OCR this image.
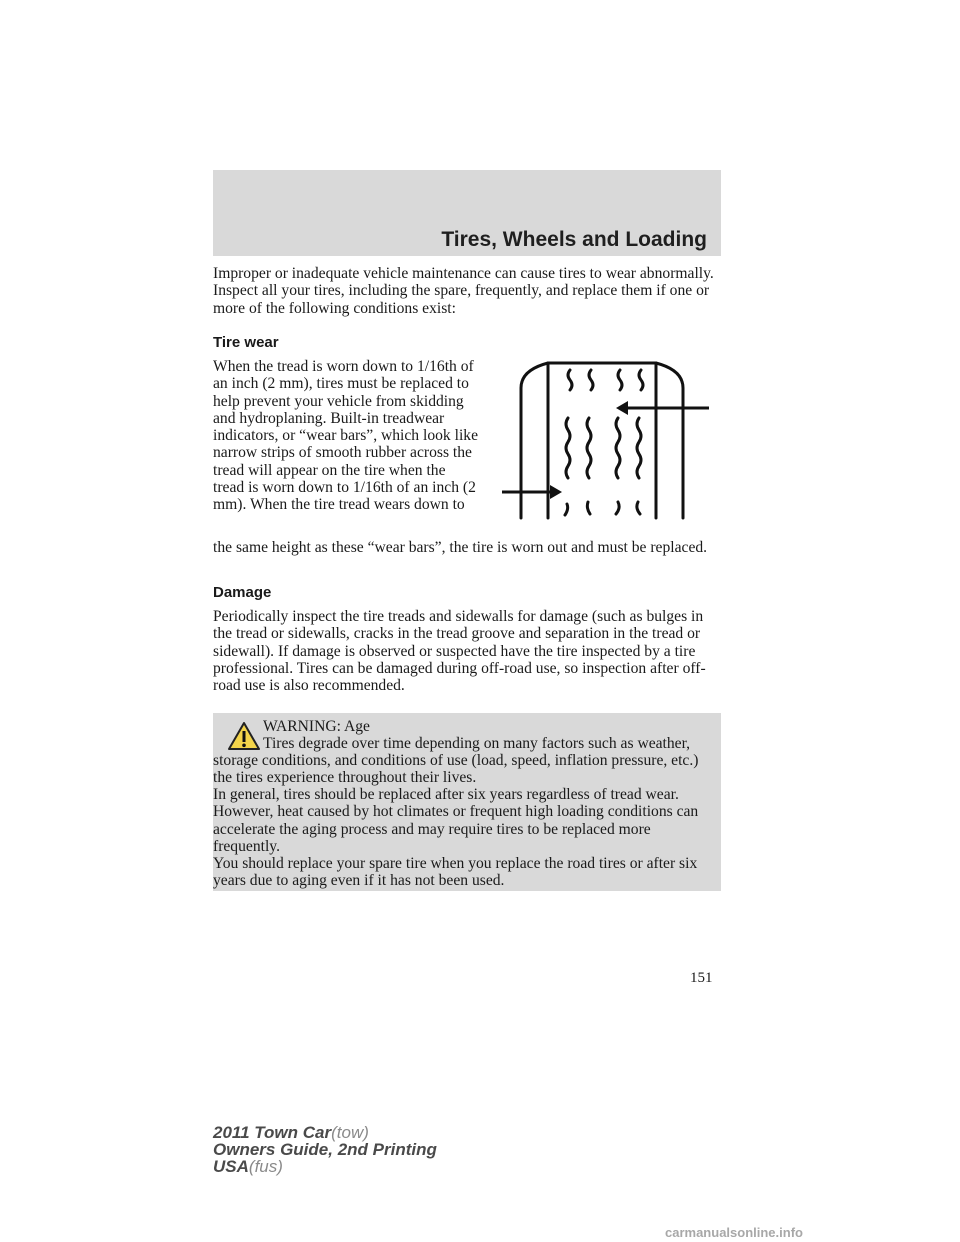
Tires, Wheels and Loading

Improper or inadequate vehicle maintenance can cause tires to wear abnormally. Inspect all your tires, including the spare, frequently, and replace them if one or more of the following conditions exist:

Tire wear

When the tread is worn down to 1/16th of an inch (2 mm), tires must be replaced to help prevent your vehicle from skidding and hydroplaning. Built-in treadwear indicators, or “wear bars”, which look like narrow strips of smooth rubber across the tread will appear on the tire when the tread is worn down to 1/16th of an inch (2 mm). When the tire tread wears down to

the same height as these “wear bars”, the tire is worn out and must be replaced.

Damage

Periodically inspect the tire treads and sidewalls for damage (such as bulges in the tread or sidewalls, cracks in the tread groove and separation in the tread or sidewall). If damage is observed or suspected have the tire inspected by a tire professional. Tires can be damaged during off-road use, so inspection after off-road use is also recommended.

WARNING: Age
Tires degrade over time depending on many factors such as weather, storage conditions, and conditions of use (load, speed, inflation pressure, etc.) the tires experience throughout their lives.
In general, tires should be replaced after six years regardless of tread wear. However, heat caused by hot climates or frequent high loading conditions can accelerate the aging process and may require tires to be replaced more frequently.
You should replace your spare tire when you replace the road tires or after six years due to aging even if it has not been used.

151
2011 Town Car(tow)
Owners Guide, 2nd Printing
USA(fus)
carmanualsonline.info
